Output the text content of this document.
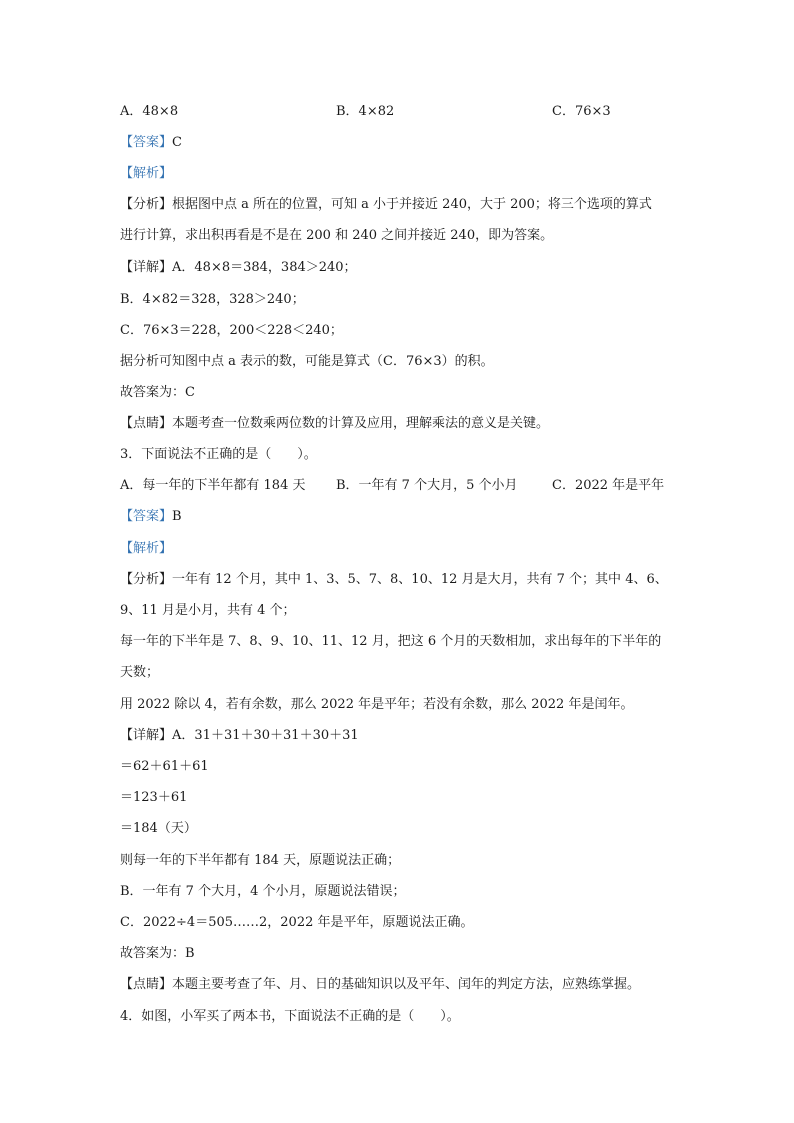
A．48×8	B．4×82	C．76×3
【答案】C
【解析】
【分析】根据图中点 a 所在的位置，可知 a 小于并接近 240，大于 200；将三个选项的算式
进行计算，求出积再看是不是在 200 和 240 之间并接近 240，即为答案。
【详解】A．48×8＝384，384＞240；
B．4×82＝328，328＞240；
C．76×3＝228，200＜228＜240；
据分析可知图中点 a 表示的数，可能是算式（C．76×3）的积。
故答案为：C
【点睛】本题考查一位数乘两位数的计算及应用，理解乘法的意义是关键。
3．下面说法不正确的是（　　）。
A．每一年的下半年都有 184 天 B．一年有 7 个大月，5 个小月	C．2022 年是平年
【答案】B
【解析】
【分析】一年有 12 个月，其中 1、3、5、7、8、10、12 月是大月，共有 7 个；其中 4、6、
9、11 月是小月，共有 4 个；
每一年的下半年是 7、8、9、10、11、12 月，把这 6 个月的天数相加，求出每年的下半年的
天数；
用 2022 除以 4，若有余数，那么 2022 年是平年；若没有余数，那么 2022 年是闰年。
【详解】A．31＋31＋30＋31＋30＋31
＝62＋61＋61
＝123＋61
＝184（天）
则每一年的下半年都有 184 天，原题说法正确；
B．一年有 7 个大月，4 个小月，原题说法错误；
C．2022÷4＝505……2，2022 年是平年，原题说法正确。
故答案为：B
【点睛】本题主要考查了年、月、日的基础知识以及平年、闰年的判定方法，应熟练掌握。
4．如图，小军买了两本书，下面说法不正确的是（　　）。
